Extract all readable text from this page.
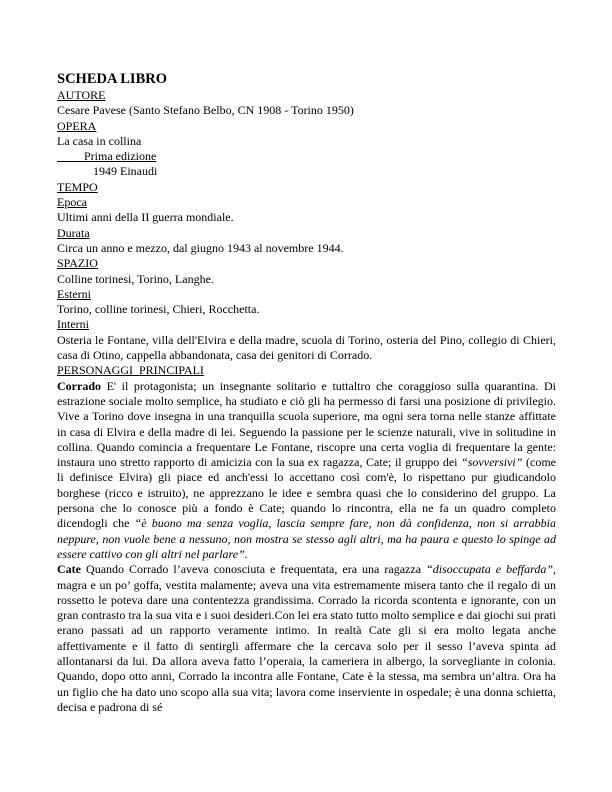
SCHEDA LIBRO
AUTORE
Cesare Pavese (Santo Stefano Belbo, CN 1908 - Torino 1950)
OPERA
La casa in collina
Prima edizione
1949 Einaudi
TEMPO
Epoca
Ultimi anni della II guerra mondiale.
Durata
Circa un anno e mezzo, dal giugno 1943 al novembre 1944.
SPAZIO
Colline torinesi, Torino, Langhe.
Esterni
Torino, colline torinesi, Chieri, Rocchetta.
Interni
Osteria le Fontane, villa dell'Elvira e della madre, scuola di Torino, osteria del Pino, collegio di Chieri, casa di Otino, cappella abbandonata, casa dei genitori di Corrado.
PERSONAGGI  PRINCIPALI
Corrado E' il protagonista; un insegnante solitario e tuttaltro che coraggioso sulla quarantina. Di estrazione sociale molto semplice, ha studiato e ciò gli ha permesso di farsi una posizione di privilegio. Vive a Torino dove insegna in una tranquilla scuola superiore, ma ogni sera torna nelle stanze affittate in casa di Elvira e della madre di lei. Seguendo la passione per le scienze naturali, vive in solitudine in collina. Quando comincia a frequentare Le Fontane, riscopre una certa voglia di frequentare la gente: instaura uno stretto rapporto di amicizia con la sua ex ragazza, Cate; il gruppo dei “sovversivi” (come li definisce Elvira) gli piace ed anch'essi lo accettano così com'è, lo rispettano pur giudicandolo borghese (ricco e istruito), ne apprezzano le idee e sembra quasi che lo considerino del gruppo. La persona che lo conosce più a fondo è Cate; quando lo rincontra, ella ne fa un quadro completo dicendogli che “è buono ma senza voglia, lascia sempre fare, non dà confidenza, non si arrabbia neppure, non vuole bene a nessuno, non mostra se stesso agli altri, ma ha paura e questo lo spinge ad essere cattivo con gli altri nel parlare”.
Cate Quando Corrado l’aveva conosciuta e frequentata, era una ragazza “disoccupata e beffarda”, magra e un po’ goffa, vestita malamente; aveva una vita estremamente misera tanto che il regalo di un rossetto le poteva dare una contentezza grandissima. Corrado la ricorda scontenta e ignorante, con un gran contrasto tra la sua vita e i suoi desideri.Con lei era stato tutto molto semplice e dai giochi sui prati erano passati ad un rapporto veramente intimo. In realtà Cate gli si era molto legata anche affettivamente e il fatto di sentirgli affermare che la cercava solo per il sesso l’aveva spinta ad allontanarsi da lui. Da allora aveva fatto l’operaia, la cameriera in albergo, la sorvegliante in colonia. Quando, dopo otto anni, Corrado la incontra alle Fontane, Cate è la stessa, ma sembra un’altra. Ora ha un figlio che ha dato uno scopo alla sua vita; lavora come inserviente in ospedale; è una donna schietta, decisa e padrona di sé
